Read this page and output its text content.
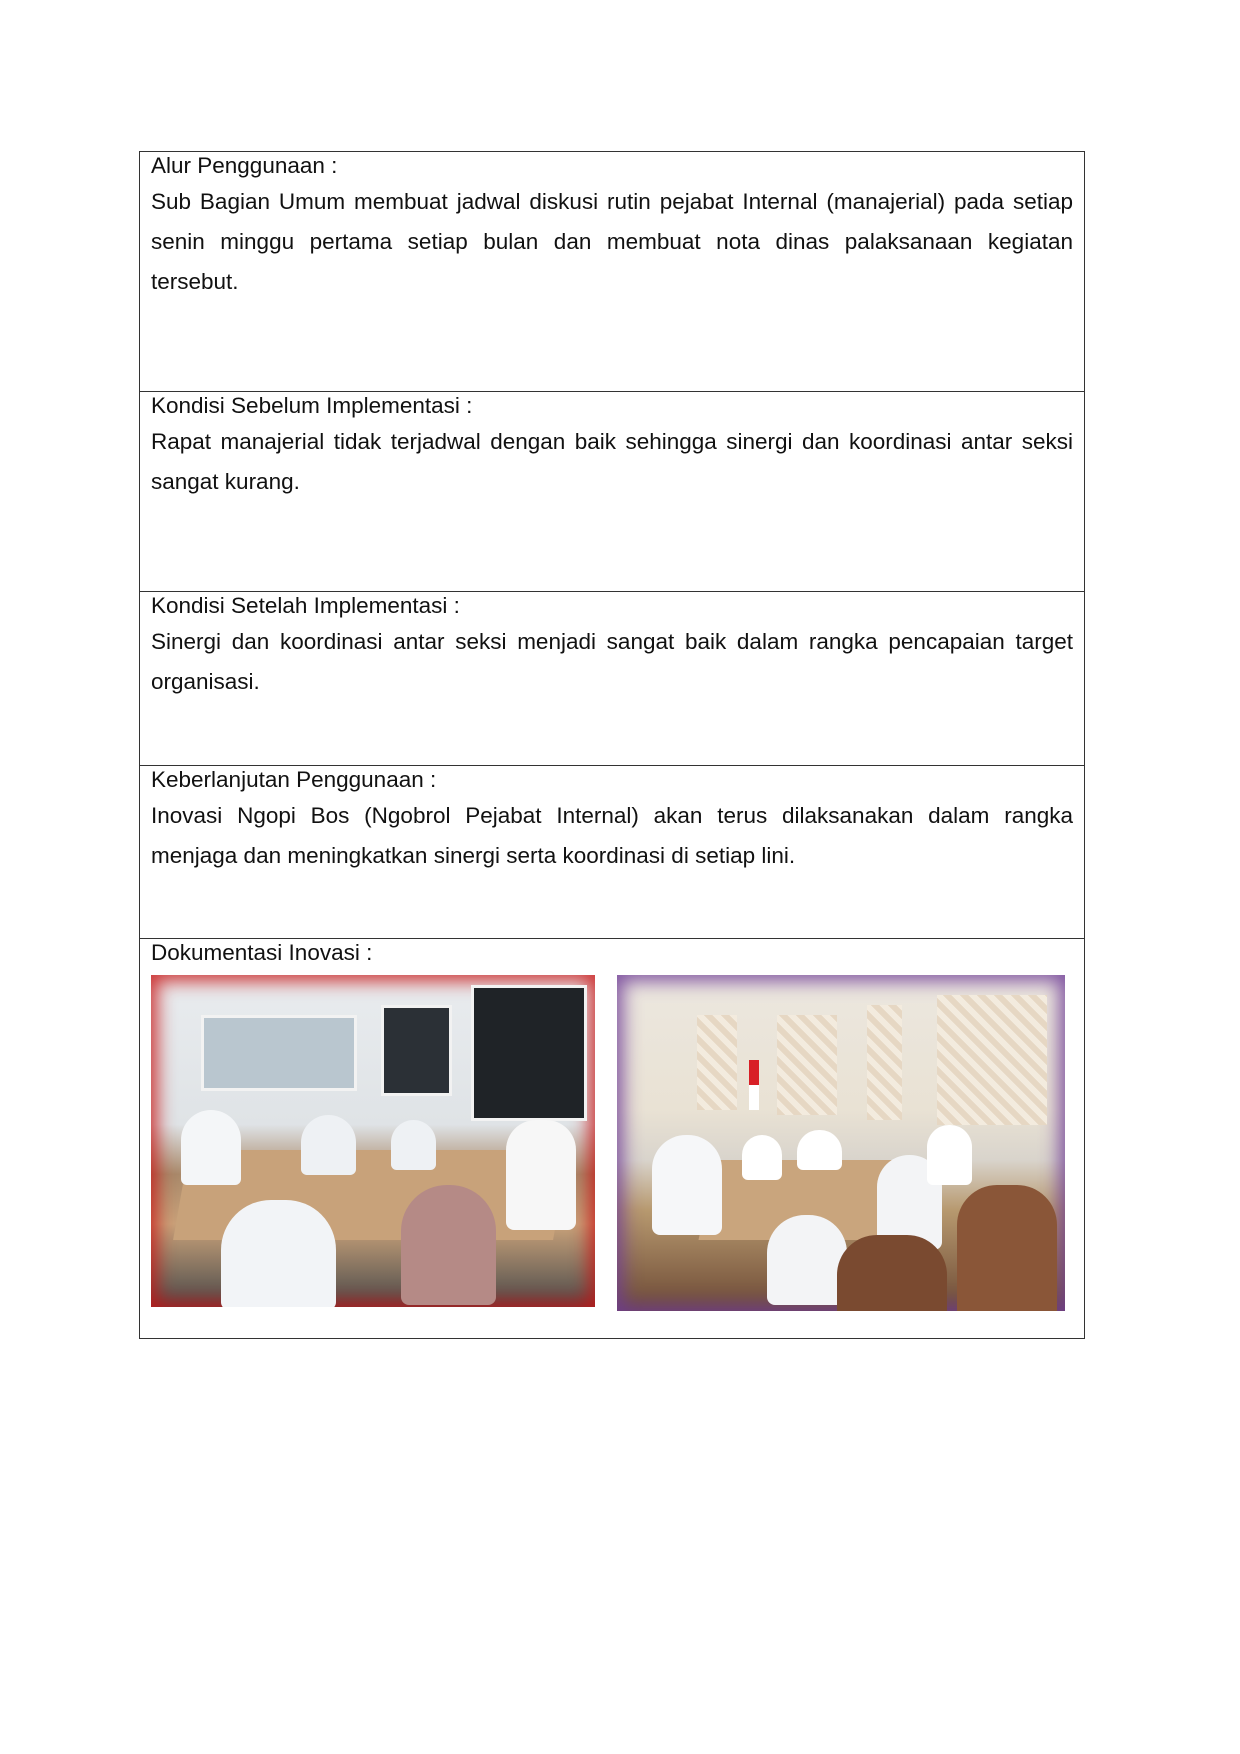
Alur Penggunaan :

Sub Bagian Umum membuat jadwal diskusi rutin pejabat Internal (manajerial) pada setiap senin minggu pertama setiap bulan dan membuat nota dinas palaksanaan kegiatan tersebut.

Kondisi Sebelum Implementasi :

Rapat manajerial tidak terjadwal dengan baik sehingga sinergi dan koordinasi antar seksi sangat kurang.

Kondisi Setelah Implementasi :

Sinergi dan koordinasi antar seksi menjadi sangat baik dalam rangka pencapaian target organisasi.

Keberlanjutan Penggunaan :

Inovasi Ngopi Bos (Ngobrol Pejabat Internal) akan terus dilaksanakan dalam rangka menjaga dan meningkatkan sinergi serta koordinasi di setiap lini.

Dokumentasi Inovasi :
